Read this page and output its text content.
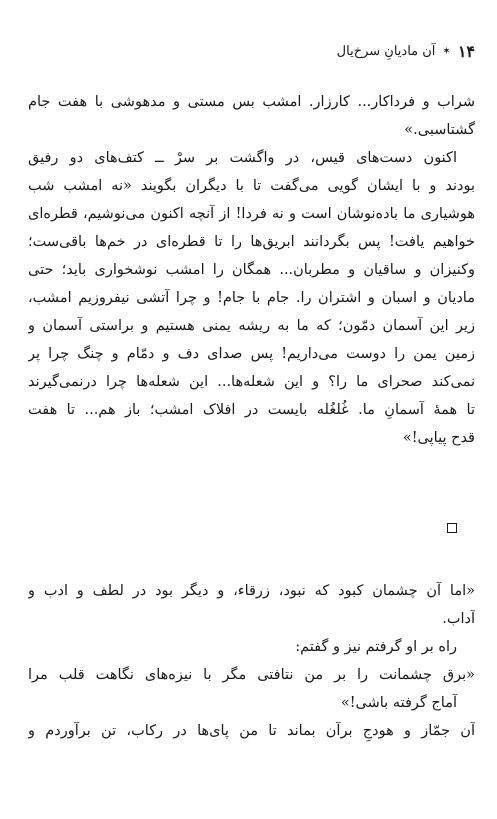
۱۴
✶
آن مادیانِ سرخ‌یال
شراب و فرداکار... کارزار. امشب بس مستی و مدهوشی با هفت جام
گشتاسبی.»
اکنون دست‌های قیس، در واگشت بر سرْ ــ کتف‌های دو رفیق
بودند و با ایشان گویی می‌گفت تا با دیگران بگویند «نه امشب شب
هوشیاری ما باده‌نوشان است و نه فردا! از آنچه اکنون می‌نوشیم، قطره‌ای
خواهیم یافت! پس بگردانند ابریق‌ها را تا قطره‌ای در خم‌ها باقی‌ست؛
وکنیزان و ساقیان و مطربان... همگان را امشب نوشخواری باید؛ حتی
مادیان و اسبان و اشتران را. جام با جام! و چرا آتشی نیفروزیم امشب،
زیر این آسمان دمّون؛ که ما به ریشه یمنی هستیم و براستی آسمان و
زمین یمن را دوست می‌داریم! پس صدای دف و دمّام و چنگ چرا پر
نمی‌کند صحرای ما را؟ و این شعله‌ها... این شعله‌ها چرا درنمی‌گیرند
تا همهٔ آسمانِ ما. غُلغُله بایست در افلاک امشب؛ باز هم... تا هفت
قدح پیاپی!»
«اما آن چشمان کبود که نبود، زرقاء، و دیگر بود در لطف و ادب و
آداب.
راه بر او گرفتم نیز و گفتم:
«برق چشمانت را بر من نتافتی مگر با نیزه‌های نگاهت قلب مرا
آماج گرفته باشی!»
آن جمّاز و هودجِ برآن بماند تا من پای‌ها در رکاب، تن برآوردم و
